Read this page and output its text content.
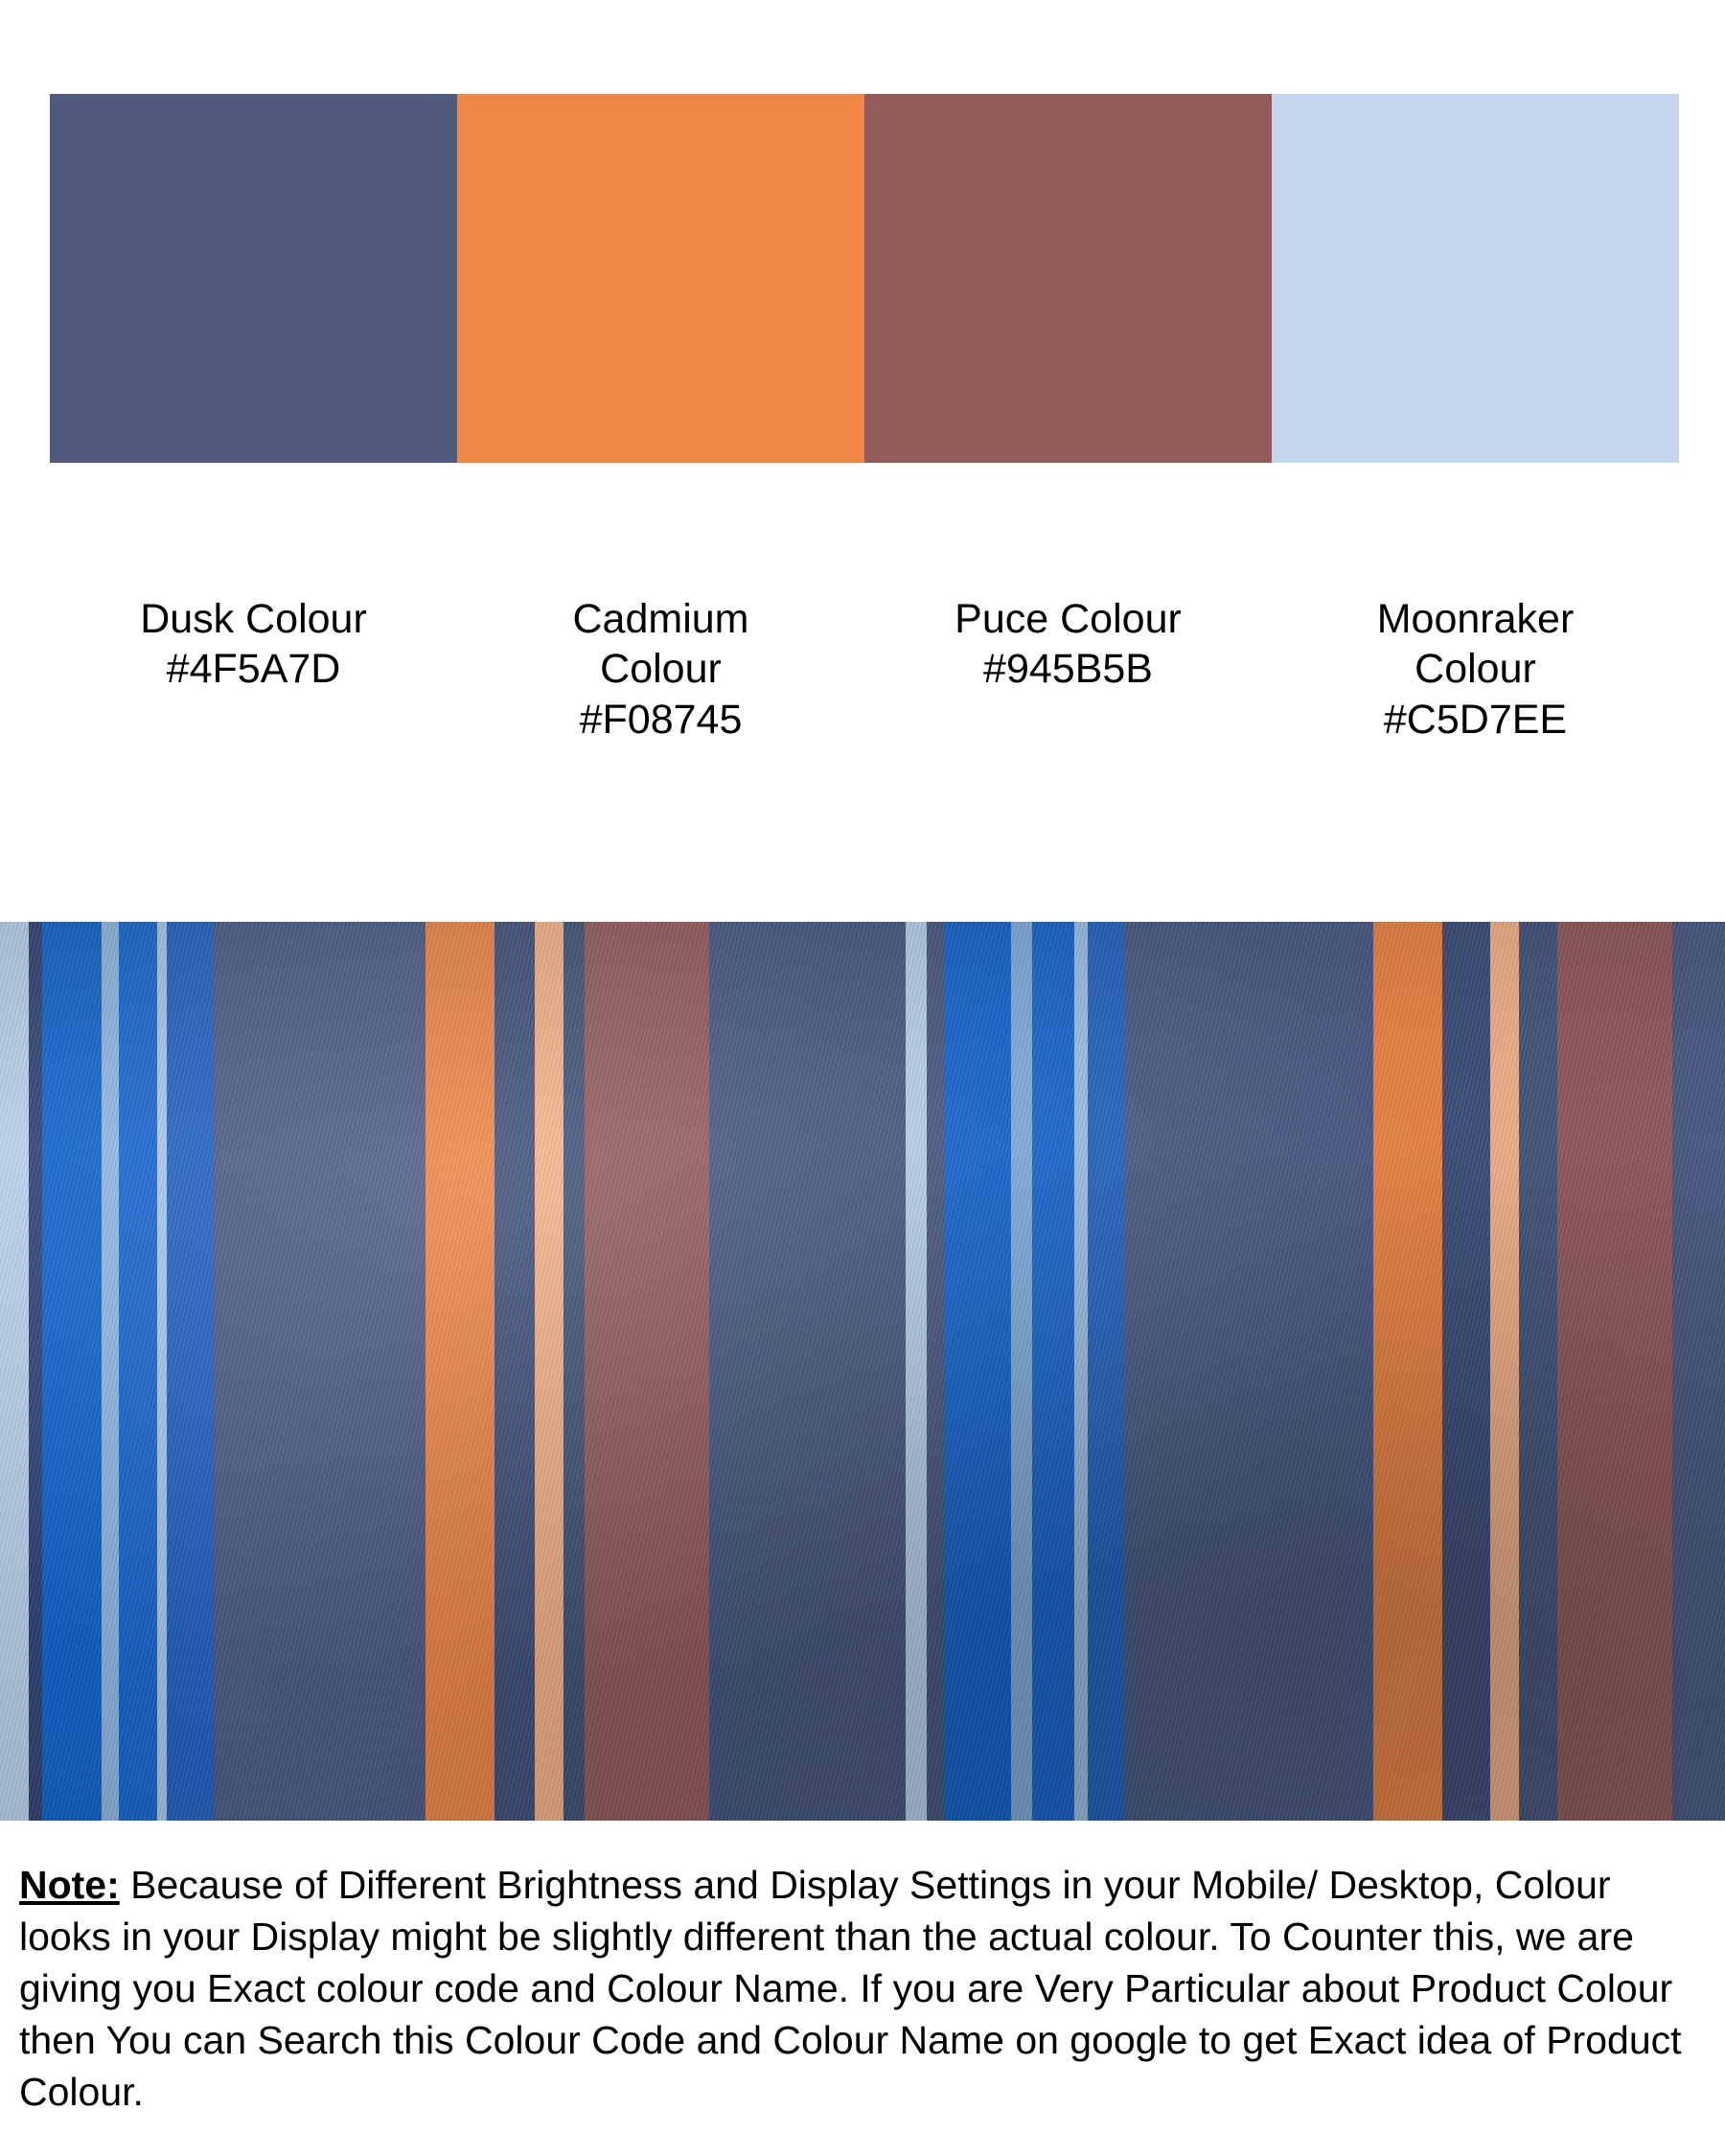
Dusk Colour
#4F5A7D
Cadmium
Colour
#F08745
Puce Colour
#945B5B
Moonraker
Colour
#C5D7EE
Note: Because of Different Brightness and Display Settings in your Mobile/ Desktop, Colour looks in your Display might be slightly different than the actual colour. To Counter this, we are giving you Exact colour code and Colour Name. If you are Very Particular about Product Colour then You can Search this Colour Code and Colour Name on google to get Exact idea of Product Colour.
